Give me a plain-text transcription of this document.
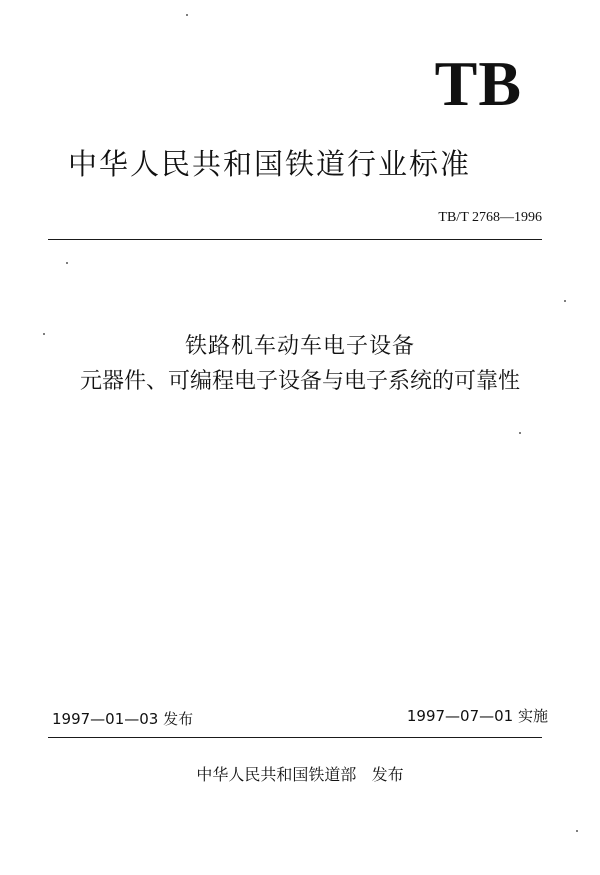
TB
中华人民共和国铁道行业标准
TB/T 2768—1996
铁路机车动车电子设备
元器件、可编程电子设备与电子系统的可靠性
1997—01—03 发布	1997—07—01 实施
中华人民共和国铁道部   发布
